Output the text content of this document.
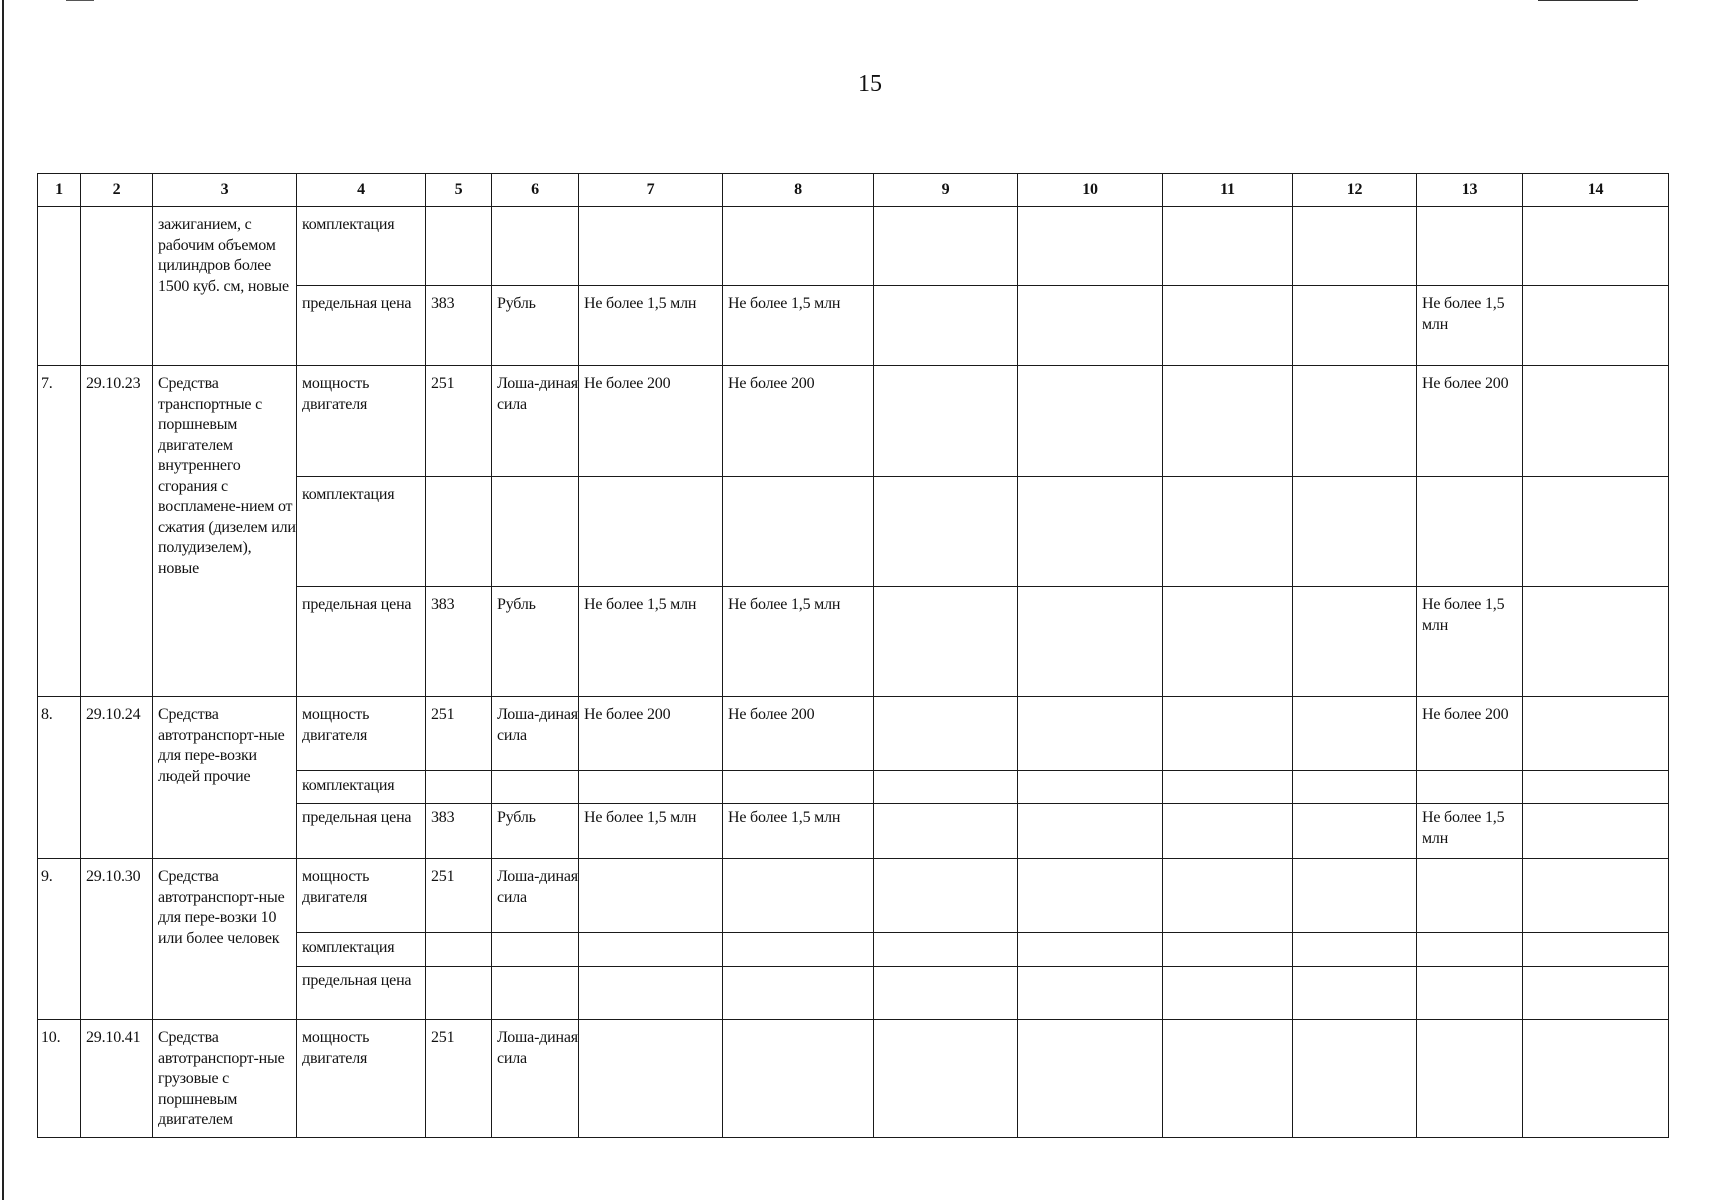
15
1	2	3	4	5	6	7	8	9	10	11	12	13	14
		зажиганием, с рабочим объемом цилиндров более 1500 куб. см, новые	комплектация										
			предельная цена	383	Рубль	Не более 1,5 млн	Не более 1,5 млн					Не более 1,5 млн	
7.	29.10.23	Средства транспортные с поршневым двигателем внутреннего сгорания с воспламене-нием от сжатия (дизелем или полудизелем), новые	мощность двигателя	251	Лоша-диная сила	Не более 200	Не более 200					Не более 200	
			комплектация										
			предельная цена	383	Рубль	Не более 1,5 млн	Не более 1,5 млн					Не более 1,5 млн	
8.	29.10.24	Средства автотранспорт-ные для пере-возки людей прочие	мощность двигателя	251	Лоша-диная сила	Не более 200	Не более 200					Не более 200	
			комплектация										
			предельная цена	383	Рубль	Не более 1,5 млн	Не более 1,5 млн					Не более 1,5 млн	
9.	29.10.30	Средства автотранспорт-ные для пере-возки 10 или более человек	мощность двигателя	251	Лоша-диная сила								
			комплектация										
			предельная цена										
10.	29.10.41	Средства автотранспорт-ные грузовые с поршневым двигателем	мощность двигателя	251	Лоша-диная сила								
